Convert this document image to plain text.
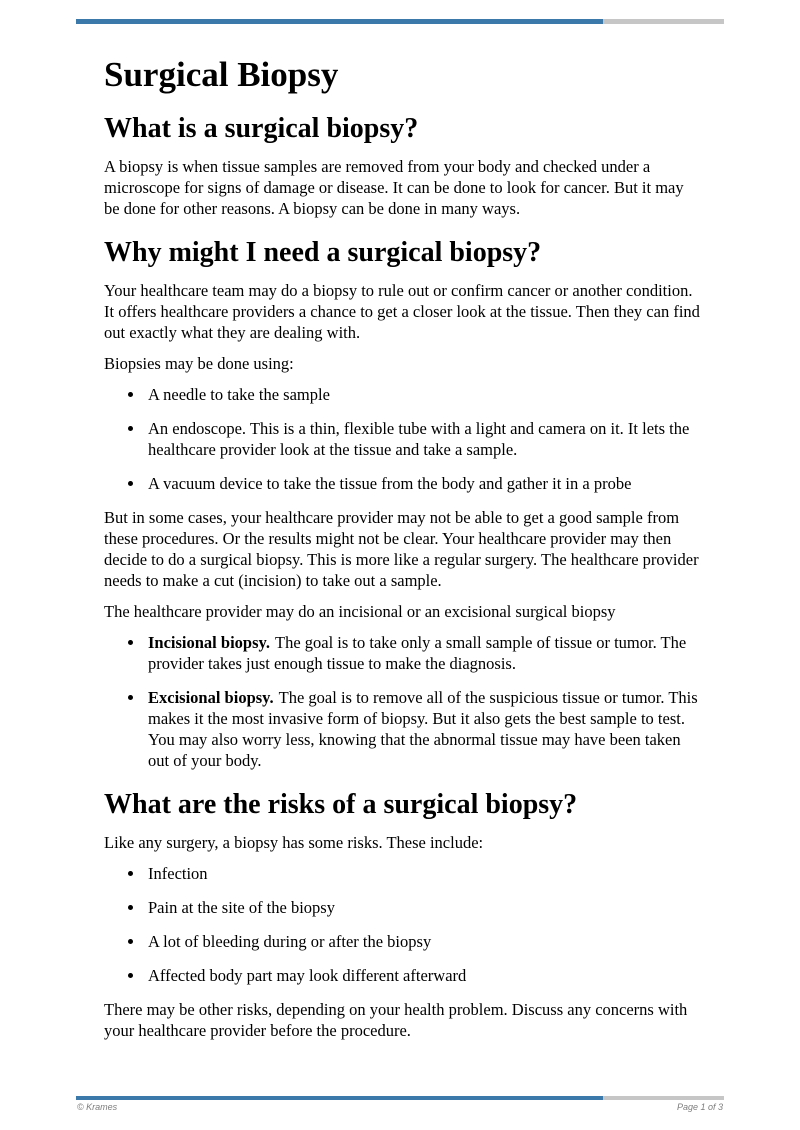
Surgical Biopsy
What is a surgical biopsy?

A biopsy is when tissue samples are removed from your body and checked under a microscope for signs of damage or disease. It can be done to look for cancer. But it may be done for other reasons. A biopsy can be done in many ways.

Why might I need a surgical biopsy?

Your healthcare team may do a biopsy to rule out or confirm cancer or another condition. It offers healthcare providers a chance to get a closer look at the tissue. Then they can find out exactly what they are dealing with.

Biopsies may be done using:

• A needle to take the sample
• An endoscope. This is a thin, flexible tube with a light and camera on it. It lets the healthcare provider look at the tissue and take a sample.
• A vacuum device to take the tissue from the body and gather it in a probe

But in some cases, your healthcare provider may not be able to get a good sample from these procedures. Or the results might not be clear. Your healthcare provider may then decide to do a surgical biopsy. This is more like a regular surgery. The healthcare provider needs to make a cut (incision) to take out a sample.

The healthcare provider may do an incisional or an excisional surgical biopsy

• Incisional biopsy. The goal is to take only a small sample of tissue or tumor. The provider takes just enough tissue to make the diagnosis.
• Excisional biopsy. The goal is to remove all of the suspicious tissue or tumor. This makes it the most invasive form of biopsy. But it also gets the best sample to test. You may also worry less, knowing that the abnormal tissue may have been taken out of your body.
What are the risks of a surgical biopsy?

Like any surgery, a biopsy has some risks. These include:

• Infection
• Pain at the site of the biopsy
• A lot of bleeding during or after the biopsy
• Affected body part may look different afterward

There may be other risks, depending on your health problem. Discuss any concerns with your healthcare provider before the procedure.

© Krames	Page 1 of 3
